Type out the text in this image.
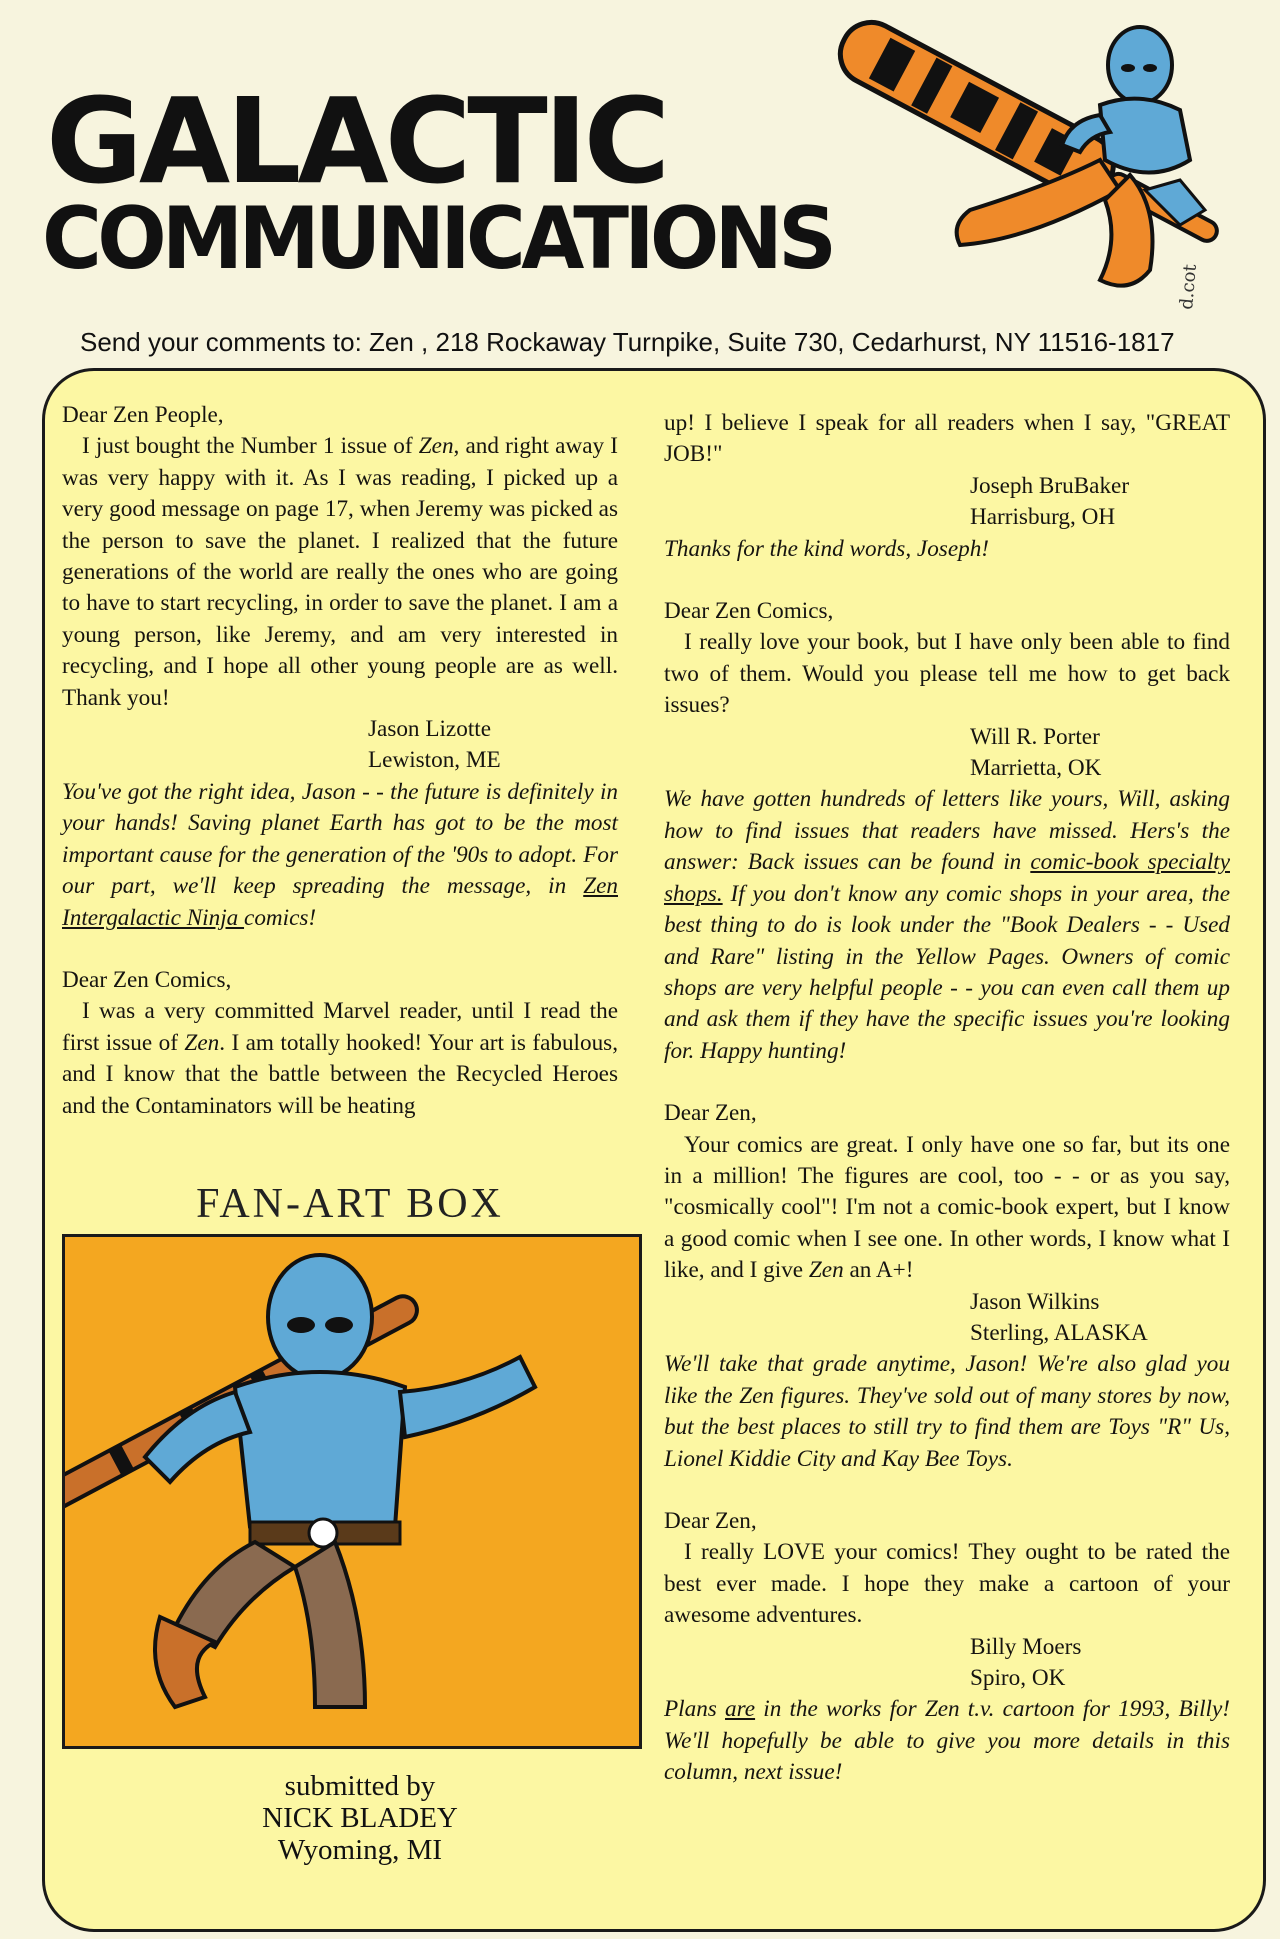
GALACTIC
COMMUNICATIONS	d.cot
Send your comments to: Zen , 218 Rockaway Turnpike, Suite 730, Cedarhurst, NY 11516-1817

Dear Zen People,

I just bought the Number 1 issue of Zen, and right away I was very happy with it. As I was reading, I picked up a very good message on page 17, when Jeremy was picked as the person to save the planet. I realized that the future generations of the world are really the ones who are going to have to start recycling, in order to save the planet. I am a young person, like Jeremy, and am very interested in recycling, and I hope all other young people are as well. Thank you!

Jason Lizotte

Lewiston, ME

You've got the right idea, Jason - - the future is definitely in your hands! Saving planet Earth has got to be the most important cause for the generation of the '90s to adopt. For our part, we'll keep spreading the message, in Zen Intergalactic Ninja comics!

Dear Zen Comics,

I was a very committed Marvel reader, until I read the first issue of Zen. I am totally hooked! Your art is fabulous, and I know that the battle between the Recycled Heroes and the Contaminators will be heating

up! I believe I speak for all readers when I say, "GREAT JOB!"

Joseph BruBaker

Harrisburg, OH

Thanks for the kind words, Joseph!

Dear Zen Comics,

I really love your book, but I have only been able to find two of them. Would you please tell me how to get back issues?

Will R. Porter

Marrietta, OK

We have gotten hundreds of letters like yours, Will, asking how to find issues that readers have missed. Hers's the answer: Back issues can be found in comic-book specialty shops. If you don't know any comic shops in your area, the best thing to do is look under the "Book Dealers - - Used and Rare" listing in the Yellow Pages. Owners of comic shops are very helpful people - - you can even call them up and ask them if they have the specific issues you're looking for. Happy hunting!

Dear Zen,

Your comics are great. I only have one so far, but its one in a million! The figures are cool, too - - or as you say, "cosmically cool"! I'm not a comic-book expert, but I know a good comic when I see one. In other words, I know what I like, and I give Zen an A+!

Jason Wilkins

Sterling, ALASKA

We'll take that grade anytime, Jason! We're also glad you like the Zen figures. They've sold out of many stores by now, but the best places to still try to find them are Toys "R" Us, Lionel Kiddie City and Kay Bee Toys.

Dear Zen,

I really LOVE your comics! They ought to be rated the best ever made. I hope they make a cartoon of your awesome adventures.

Billy Moers

Spiro, OK

Plans are in the works for Zen t.v. cartoon for 1993, Billy! We'll hopefully be able to give you more details in this column, next issue!

FAN-ART BOX
submitted by
NICK BLADEY
Wyoming, MI
